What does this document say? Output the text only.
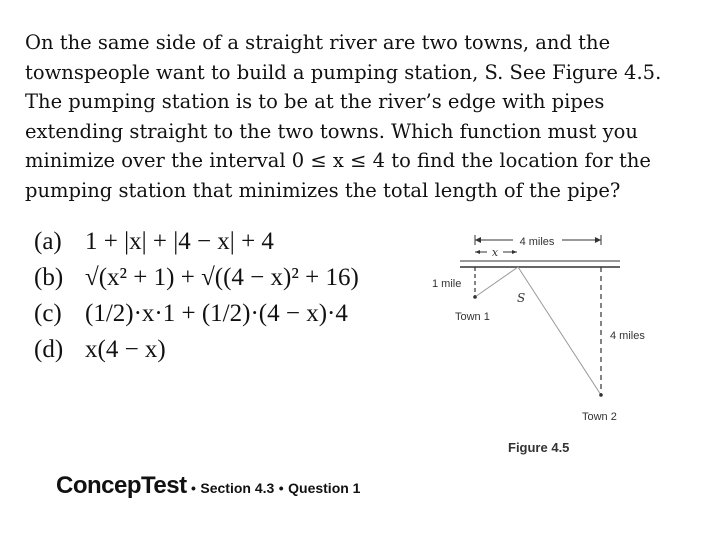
On the same side of a straight river are two towns, and the
townspeople want to build a pumping station, S. See Figure 4.5.
The pumping station is to be at the river’s edge with pipes
extending straight to the two towns. Which function must you
minimize over the interval 0 ≤ x ≤ 4 to find the location for the
pumping station that minimizes the total length of the pipe?
(a) 1 + |x| + |4 − x| + 4
(b) √(x² + 1) + √((4 − x)² + 16)
(c) (1/2)·x·1 + (1/2)·(4 − x)·4
(d) x(4 − x)
4 miles
x
1 mile
4 miles
S
Town 1
Town 2
Figure 4.5
ConcepTest • Section 4.3 • Question 1
